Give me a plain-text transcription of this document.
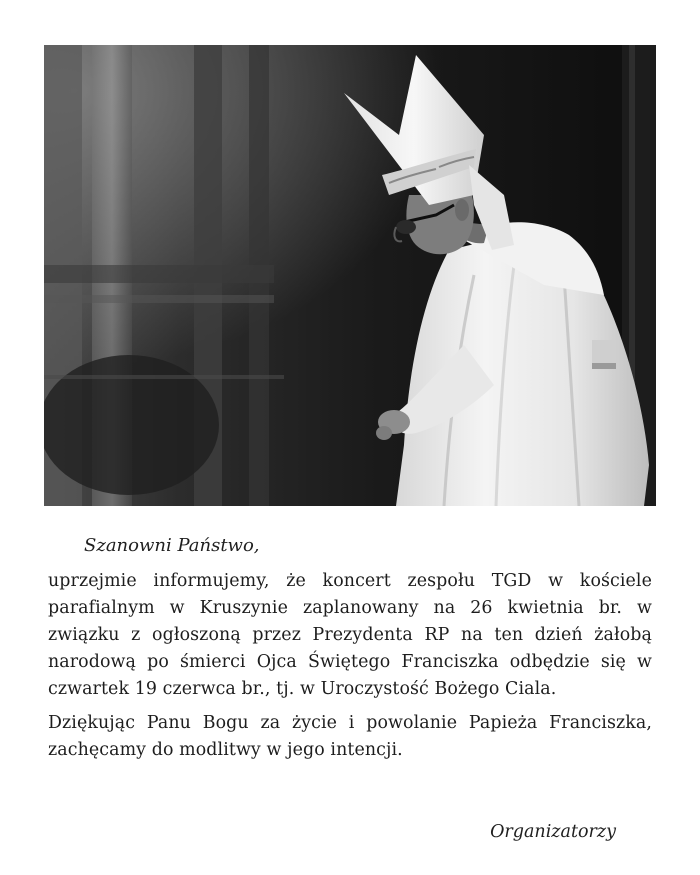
Szanowni Państwo,

uprzejmie informujemy, że koncert zespołu TGD w kościele parafialnym w Kruszynie zaplanowany na 26 kwietnia br. w związku z ogłoszoną przez Prezydenta RP na ten dzień żałobą narodową po śmierci Ojca Świętego Franciszka odbędzie się w czwartek 19 czerwca br., tj. w Uroczystość Bożego Ciala.

Dziękując Panu Bogu za życie i powolanie Papieża Franciszka, zachęcamy do modlitwy w jego intencji.

Organizatorzy
